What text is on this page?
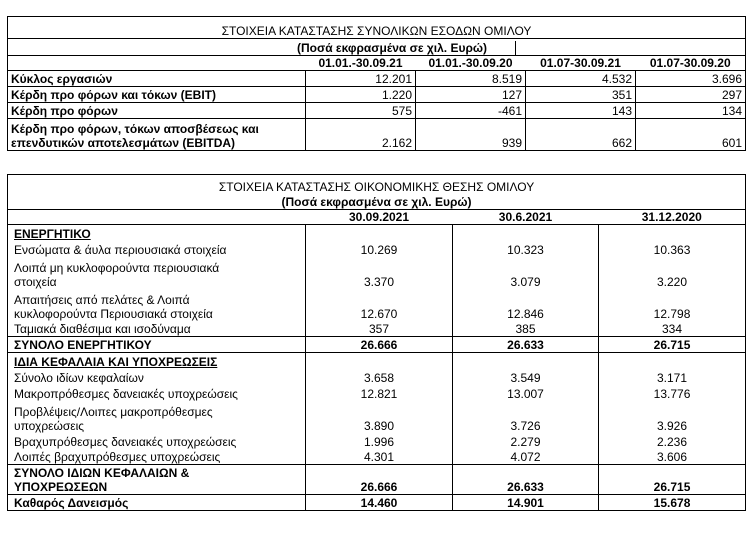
ΣΤΟΙΧΕΙΑ ΚΑΤΑΣΤΑΣΗΣ ΣΥΝΟΛΙΚΩΝ ΕΣΟΔΩΝ ΟΜΙΛΟΥ				
(Ποσά εκφρασμένα σε χιλ. Ευρώ)				
	01.01.-30.09.21	01.01.-30.09.20	01.07-30.09.21	01.07-30.09.20
Κύκλος εργασιών	12.201	8.519	4.532	3.696
Κέρδη προ φόρων και τόκων (EBIT)	1.220	127	351	297
Κέρδη προ φόρων	575	-461	143	134

Κέρδη προ φόρων, τόκων αποσβέσεως και
επενδυτικών αποτελεσμάτων (EBITDA)	2.162	939	662	601
ΣΤΟΙΧΕΙΑ ΚΑΤΑΣΤΑΣΗΣ ΟΙΚΟΝΟΜΙΚΗΣ ΘΕΣΗΣ ΟΜΙΛΟΥ			
(Ποσά εκφρασμένα σε χιλ. Ευρώ)			
	30.09.2021	30.6.2021	31.12.2020
ΕΝΕΡΓΗΤΙΚΟ			
Ενσώματα & άυλα περιουσιακά στοιχεία	10.269	10.323	10.363

Λοιπά μη κυκλοφορούντα περιουσιακά
στοιχεία	3.370	3.079	3.220

Απαιτήσεις από πελάτες & Λοιπά
κυκλοφορούντα Περιουσιακά στοιχεία	12.670	12.846	12.798
Ταμιακά διαθέσιμα και ισοδύναμα	357	385	334
ΣΥΝΟΛΟ ΕΝΕΡΓΗΤΙΚΟΥ	26.666	26.633	26.715
ΙΔΙΑ ΚΕΦΑΛΑΙΑ ΚΑΙ ΥΠΟΧΡΕΩΣΕΙΣ			
Σύνολο ιδίων κεφαλαίων	3.658	3.549	3.171
Μακροπρόθεσμες δανειακές υποχρεώσεις	12.821	13.007	13.776

Προβλέψεις/Λοιπες μακροπρόθεσμες
υποχρεώσεις	3.890	3.726	3.926
Βραχυπρόθεσμες δανειακές υποχρεώσεις	1.996	2.279	2.236
Λοιπές βραχυπρόθεσμες υποχρεώσεις	4.301	4.072	3.606

ΣΥΝΟΛΟ ΙΔΙΩΝ ΚΕΦΑΛΑΙΩΝ &
ΥΠΟΧΡΕΩΣΕΩΝ	26.666	26.633	26.715
Καθαρός Δανεισμός	14.460	14.901	15.678
